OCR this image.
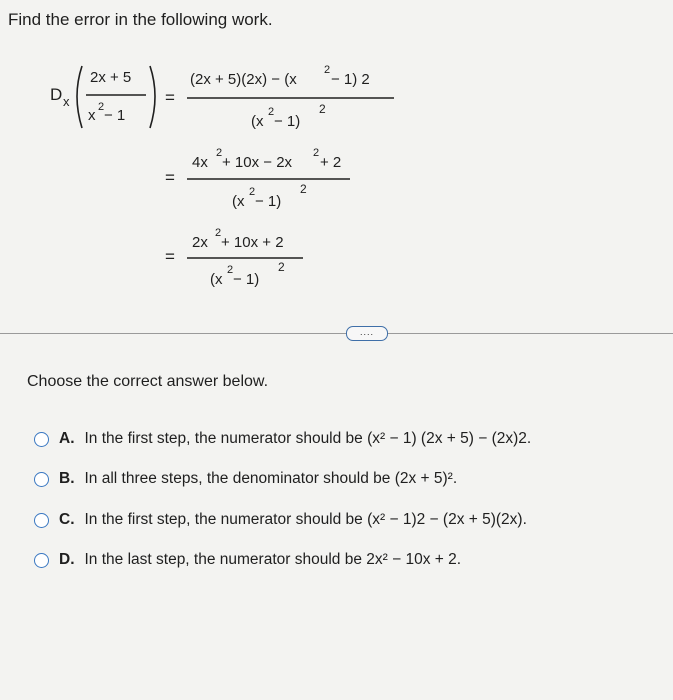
Find the error in the following work.
D x
2x + 5
x 2 − 1
=
(2x + 5)(2x) − (x
2
− 1) 2
(x
2
− 1)
2
=
4x
2
+ 10x − 2x
2
+ 2
(x
2
− 1)
2
=
2x
2
+ 10x + 2
(x
2
− 1)
2
....
Choose the correct answer below.
A. In the first step, the numerator should be (x² − 1) (2x + 5) − (2x)2.
B. In all three steps, the denominator should be (2x + 5)².
C. In the first step, the numerator should be (x² − 1)2 − (2x + 5)(2x).
D. In the last step, the numerator should be 2x² − 10x + 2.
